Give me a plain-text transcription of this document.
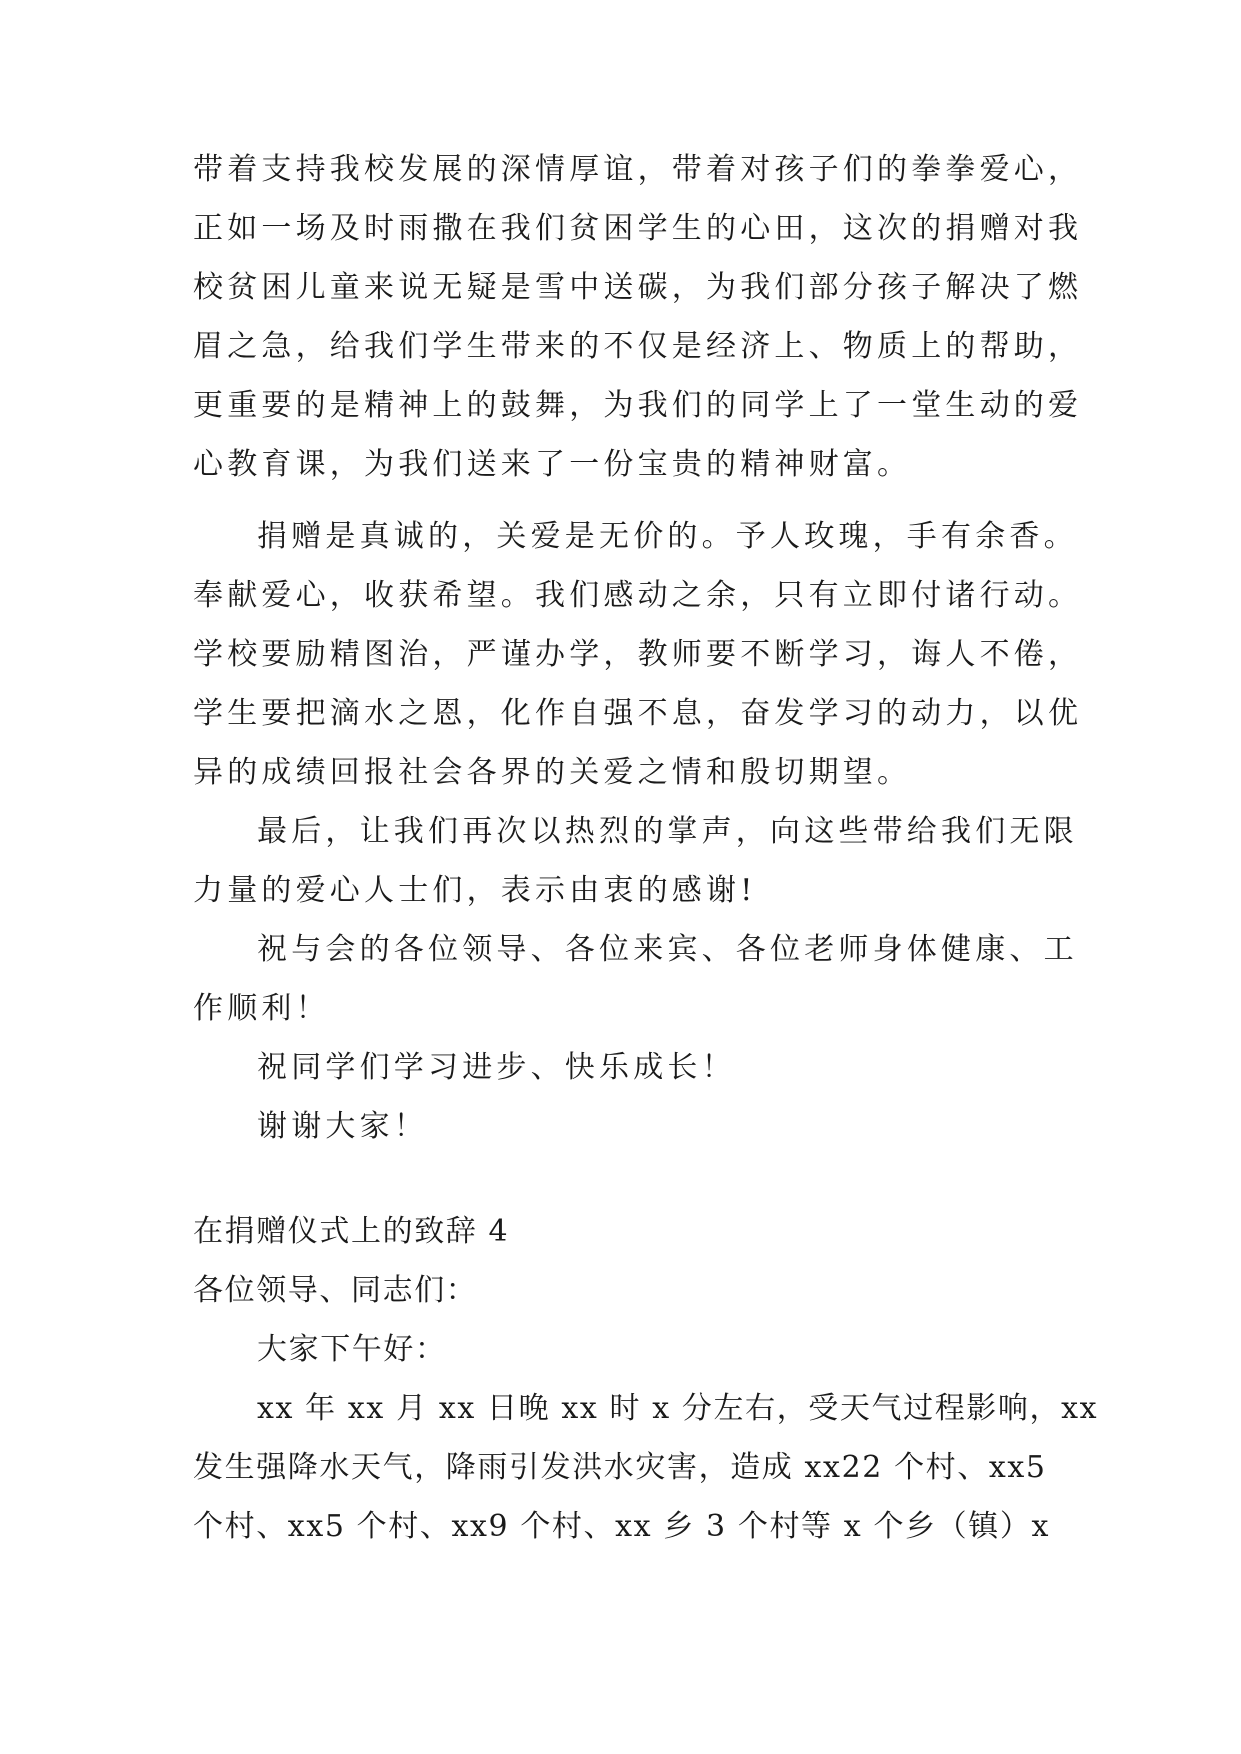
带着支持我校发展的深情厚谊，带着对孩子们的拳拳爱心，
正如一场及时雨撒在我们贫困学生的心田，这次的捐赠对我
校贫困儿童来说无疑是雪中送碳，为我们部分孩子解决了燃
眉之急，给我们学生带来的不仅是经济上、物质上的帮助，
更重要的是精神上的鼓舞，为我们的同学上了一堂生动的爱
心教育课，为我们送来了一份宝贵的精神财富。
捐赠是真诚的，关爱是无价的。予人玫瑰，手有余香。
奉献爱心，收获希望。我们感动之余，只有立即付诸行动。
学校要励精图治，严谨办学，教师要不断学习，诲人不倦，
学生要把滴水之恩，化作自强不息，奋发学习的动力，以优
异的成绩回报社会各界的关爱之情和殷切期望。
最后，让我们再次以热烈的掌声，向这些带给我们无限
力量的爱心人士们，表示由衷的感谢!
祝与会的各位领导、各位来宾、各位老师身体健康、工
作顺利！
祝同学们学习进步、快乐成长！
谢谢大家！
在捐赠仪式上的致辞 4
各位领导、同志们：
大家下午好：
xx 年 xx 月 xx 日晚 xx 时 x 分左右，受天气过程影响，xx
发生强降水天气，降雨引发洪水灾害，造成 xx22 个村、xx5
个村、xx5 个村、xx9 个村、xx 乡 3 个村等 x 个乡（镇）x
